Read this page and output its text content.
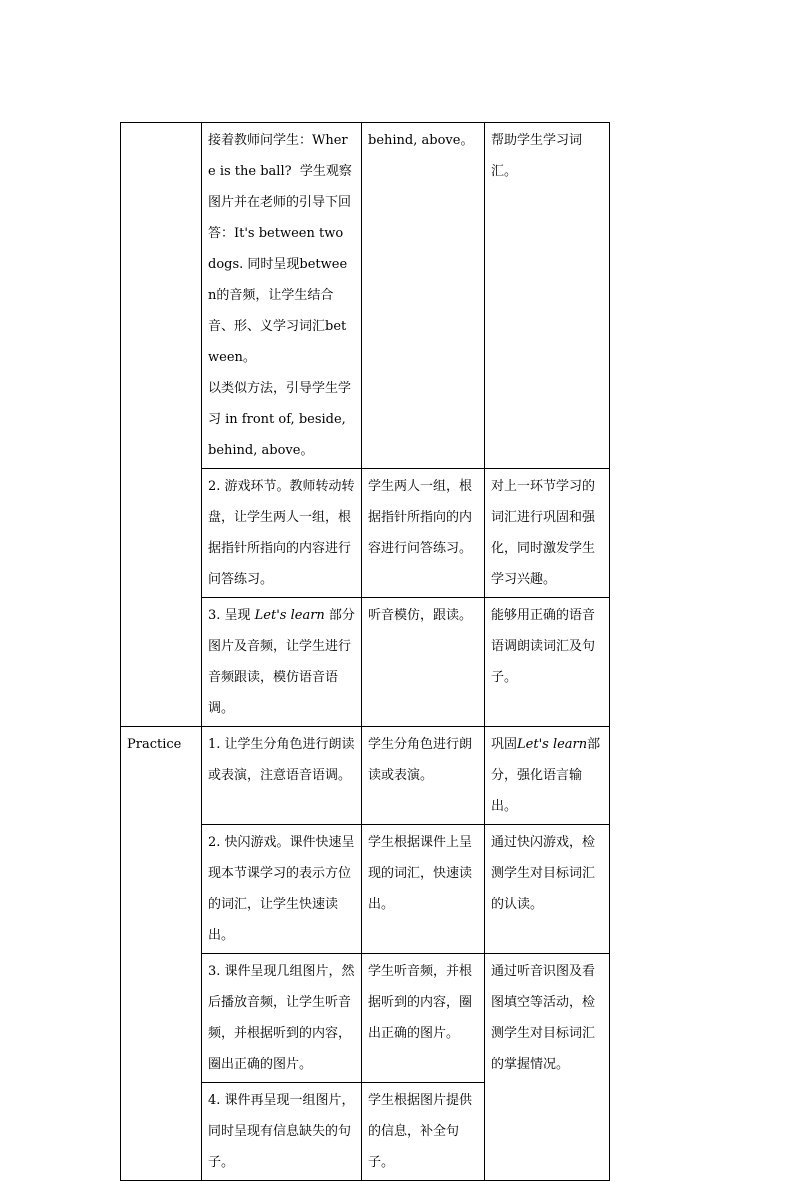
	接着教师问学生：Where is the ball?  学生观察图片并在老师的引导下回答：It's between two dogs. 同时呈现between的音频，让学生结合音、形、义学习词汇between。
以类似方法，引导学生学习 in front of, beside, behind, above。	behind, above。	帮助学生学习词汇。

	2. 游戏环节。教师转动转盘，让学生两人一组，根据指针所指向的内容进行问答练习。	学生两人一组，根据指针所指向的内容进行问答练习。	对上一环节学习的词汇进行巩固和强化，同时激发学生学习兴趣。

	3. 呈现 Let's learn 部分图片及音频，让学生进行音频跟读，模仿语音语调。	听音模仿，跟读。	能够用正确的语音语调朗读词汇及句子。

Practice	1. 让学生分角色进行朗读或表演，注意语音语调。	学生分角色进行朗读或表演。	巩固Let's learn部分，强化语言输出。

	2. 快闪游戏。课件快速呈现本节课学习的表示方位的词汇，让学生快速读出。	学生根据课件上呈现的词汇，快速读出。	通过快闪游戏，检测学生对目标词汇的认读。

	3. 课件呈现几组图片，然后播放音频，让学生听音频，并根据听到的内容，圈出正确的图片。	学生听音频，并根据听到的内容，圈出正确的图片。	通过听音识图及看图填空等活动，检测学生对目标词汇的掌握情况。

	4. 课件再呈现一组图片，同时呈现有信息缺失的句子。	学生根据图片提供的信息，补全句子。	
